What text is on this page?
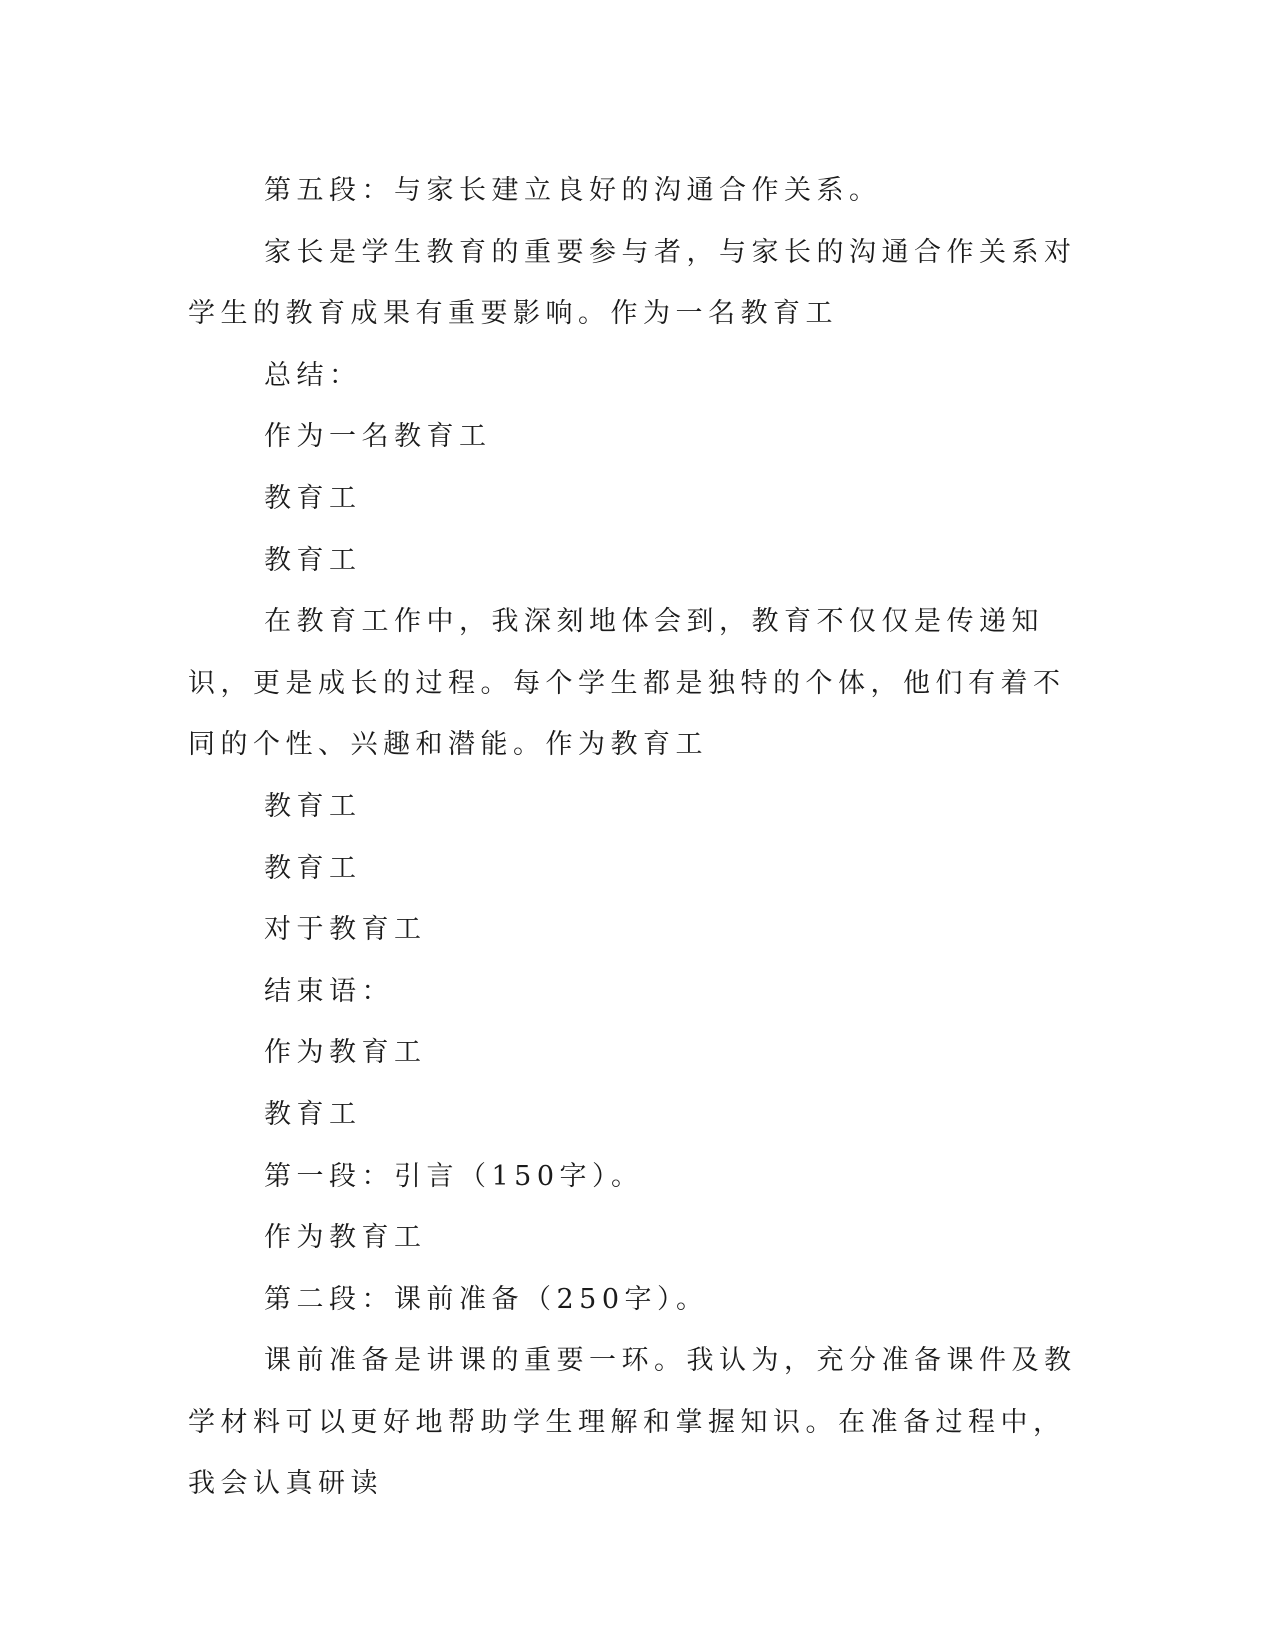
第五段：与家长建立良好的沟通合作关系。

家长是学生教育的重要参与者，与家长的沟通合作关系对学生的教育成果有重要影响。作为一名教育工

总结：

作为一名教育工

教育工

教育工

在教育工作中，我深刻地体会到，教育不仅仅是传递知识，更是成长的过程。每个学生都是独特的个体，他们有着不同的个性、兴趣和潜能。作为教育工

教育工

教育工

对于教育工

结束语：

作为教育工

教育工

第一段：引言（150字）。

作为教育工

第二段：课前准备（250字）。

课前准备是讲课的重要一环。我认为，充分准备课件及教学材料可以更好地帮助学生理解和掌握知识。在准备过程中，我会认真研读
